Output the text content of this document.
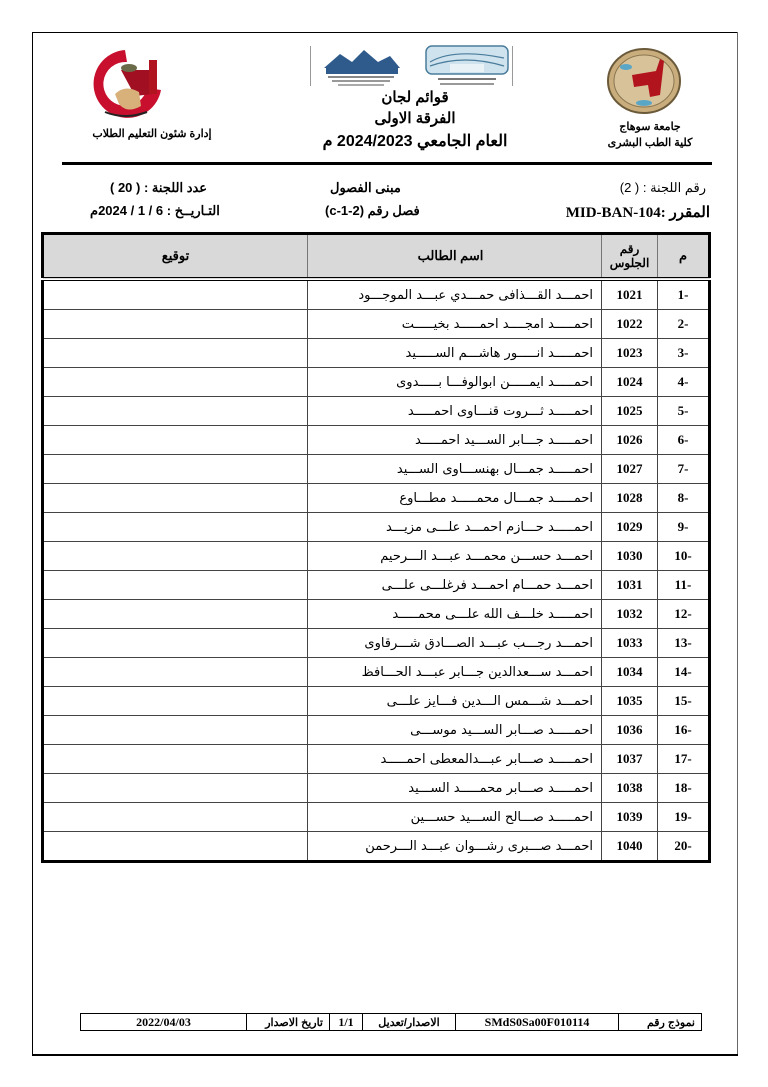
إدارة شئون التعليم الطلاب
قوائم لجان
الفرقة الاولى
العام الجامعي 2024/2023 م
جامعة سوهاج
كلية الطب البشرى
رقم اللجنة : ( 2)
المقرر :MID-BAN-104
مبنى الفصول
فصل رقم (2-1-c)
عدد اللجنة : ( 20 )
التـاريــخ : 6 / 1 / 2024م
م	رقم الجلوس	اسم الطالب	توقيع
-1	1021	احمـــد القـــذافى حمـــدي عبـــد الموجـــود	
-2	1022	احمـــــد امجــــد احمـــــد بخيـــــت	
-3	1023	احمـــــد انـــــور هاشـــم الســـــيد	
-4	1024	احمـــــد ايمـــــن ابوالوفـــا بـــــدوى	
-5	1025	احمـــــد ثـــروت قنـــاوى احمـــــد	
-6	1026	احمـــــد جـــابر الســـيد احمـــــد	
-7	1027	احمـــــد جمـــال بهنســـاوى الســـيد	
-8	1028	احمـــــد جمـــال محمـــــد مطـــاوع	
-9	1029	احمـــــد حـــازم احمـــد علـــى مزيـــد	
-10	1030	احمـــد حســـن محمـــد عبـــد الـــرحيم	
-11	1031	احمـــد حمـــام احمـــد فرغلـــى علـــى	
-12	1032	احمـــــد خلـــف الله علـــى محمـــــد	
-13	1033	احمـــد رجـــب عبـــد الصـــادق شـــرقاوى	
-14	1034	احمـــد ســـعدالدين جـــابر عبـــد الحـــافظ	
-15	1035	احمـــد شـــمس الـــدين فـــايز علـــى	
-16	1036	احمـــــد صـــابر الســـيد موســـى	
-17	1037	احمـــــد صـــابر عبـــدالمعطى احمـــــد	
-18	1038	احمـــــد صـــابر محمـــــد الســـيد	
-19	1039	احمـــــد صـــالح الســـيد حســـين	
-20	1040	احمـــد صـــبرى رشـــوان عبـــد الـــرحمن	
نموذج رقم	SMdS0Sa00F010114	الاصدار/تعديل	1/1	تاريخ الاصدار	2022/04/03
